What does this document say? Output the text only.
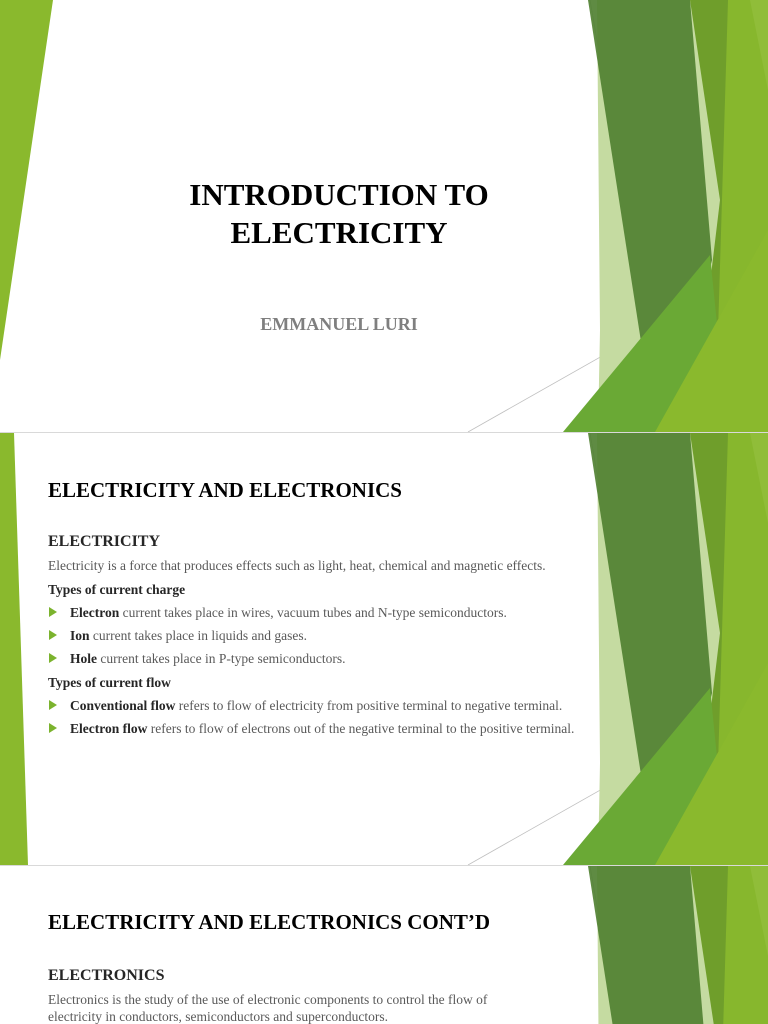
INTRODUCTION TO
ELECTRICITY
EMMANUEL LURI
ELECTRICITY AND ELECTRONICS
ELECTRICITY
Electricity is a force that produces effects such as light, heat, chemical and magnetic effects.
Types of current charge
Electron current takes place in wires, vacuum tubes and N-type semiconductors.
Ion current takes place in liquids and gases.
Hole current takes place in P-type semiconductors.
Types of current flow
Conventional flow refers to flow of electricity from positive terminal to negative terminal.
Electron flow refers to flow of electrons out of the negative terminal to the positive terminal.
ELECTRICITY AND ELECTRONICS CONT’D
ELECTRONICS
Electronics is the study of the use of electronic components to control the flow of electricity in conductors, semiconductors and superconductors.
